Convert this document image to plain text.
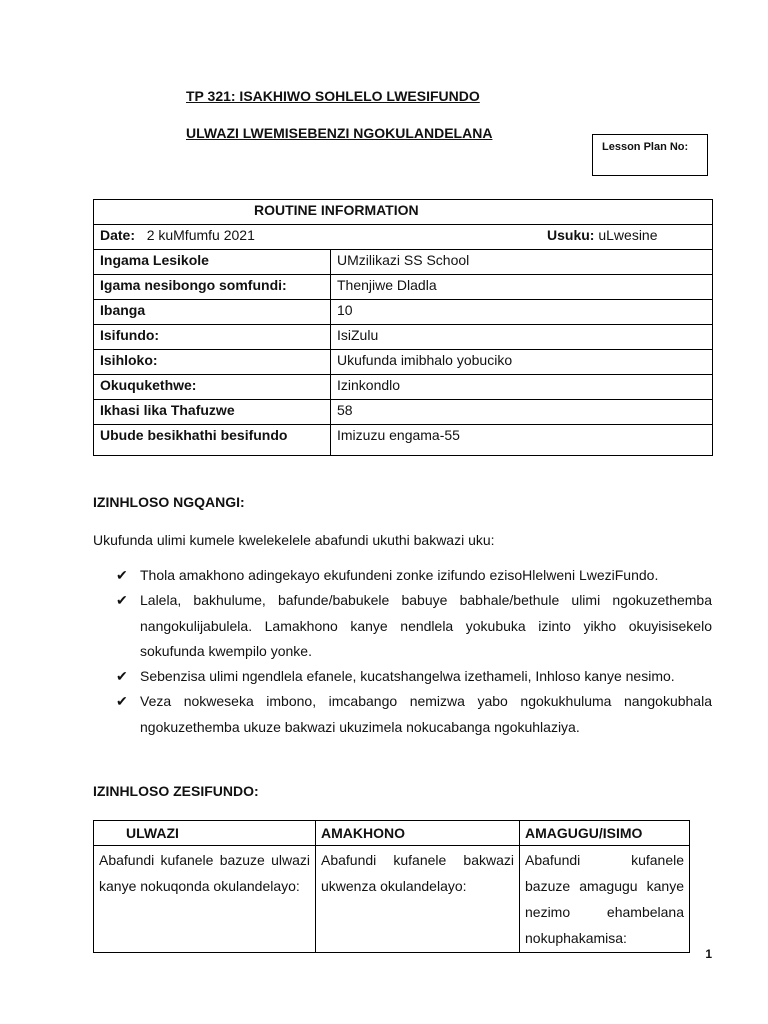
TP 321: ISAKHIWO SOHLELO LWESIFUNDO
ULWAZI LWEMISEBENZI NGOKULANDELANA
Lesson Plan No:
ROUTINE INFORMATION	
Date: 2 kuMfumfu 2021 Usuku: uLwesine	

Ingama Lesikole	UMzilikazi SS School
Igama nesibongo somfundi:	Thenjiwe Dladla
Ibanga	10
Isifundo:	IsiZulu
Isihloko:	Ukufunda imibhalo yobuciko
Okuqukethwe:	Izinkondlo
Ikhasi lika Thafuzwe	58
Ubude besikhathi besifundo	Imizuzu engama-55
IZINHLOSO NGQANGI:
Ukufunda ulimi kumele kwelekelele abafundi ukuthi bakwazi uku:
✔ Thola amakhono adingekayo ekufundeni zonke izifundo ezisoHlelweni LweziFundo.
✔ Lalela, bakhulume, bafunde/babukele babuye babhale/bethule ulimi ngokuzethemba nangokulijabulela. Lamakhono kanye nendlela yokubuka izinto yikho okuyisisekelo sokufunda kwempilo yonke.
✔ Sebenzisa ulimi ngendlela efanele, kucatshangelwa izethameli, Inhloso kanye nesimo.
✔ Veza nokweseka imbono, imcabango nemizwa yabo ngokukhuluma nangokubhala ngokuzethemba ukuze bakwazi ukuzimela nokucabanga ngokuhlaziya.
IZINHLOSO ZESIFUNDO:
ULWAZI	AMAKHONO	AMAGUGU/ISIMO
Abafundi kufanele bazuze ulwazi kanye nokuqonda okulandelayo:	Abafundi kufanele bakwazi ukwenza okulandelayo:	Abafundi kufanele bazuze amagugu kanye nezimo ehambelana nokuphakamisa:
1
